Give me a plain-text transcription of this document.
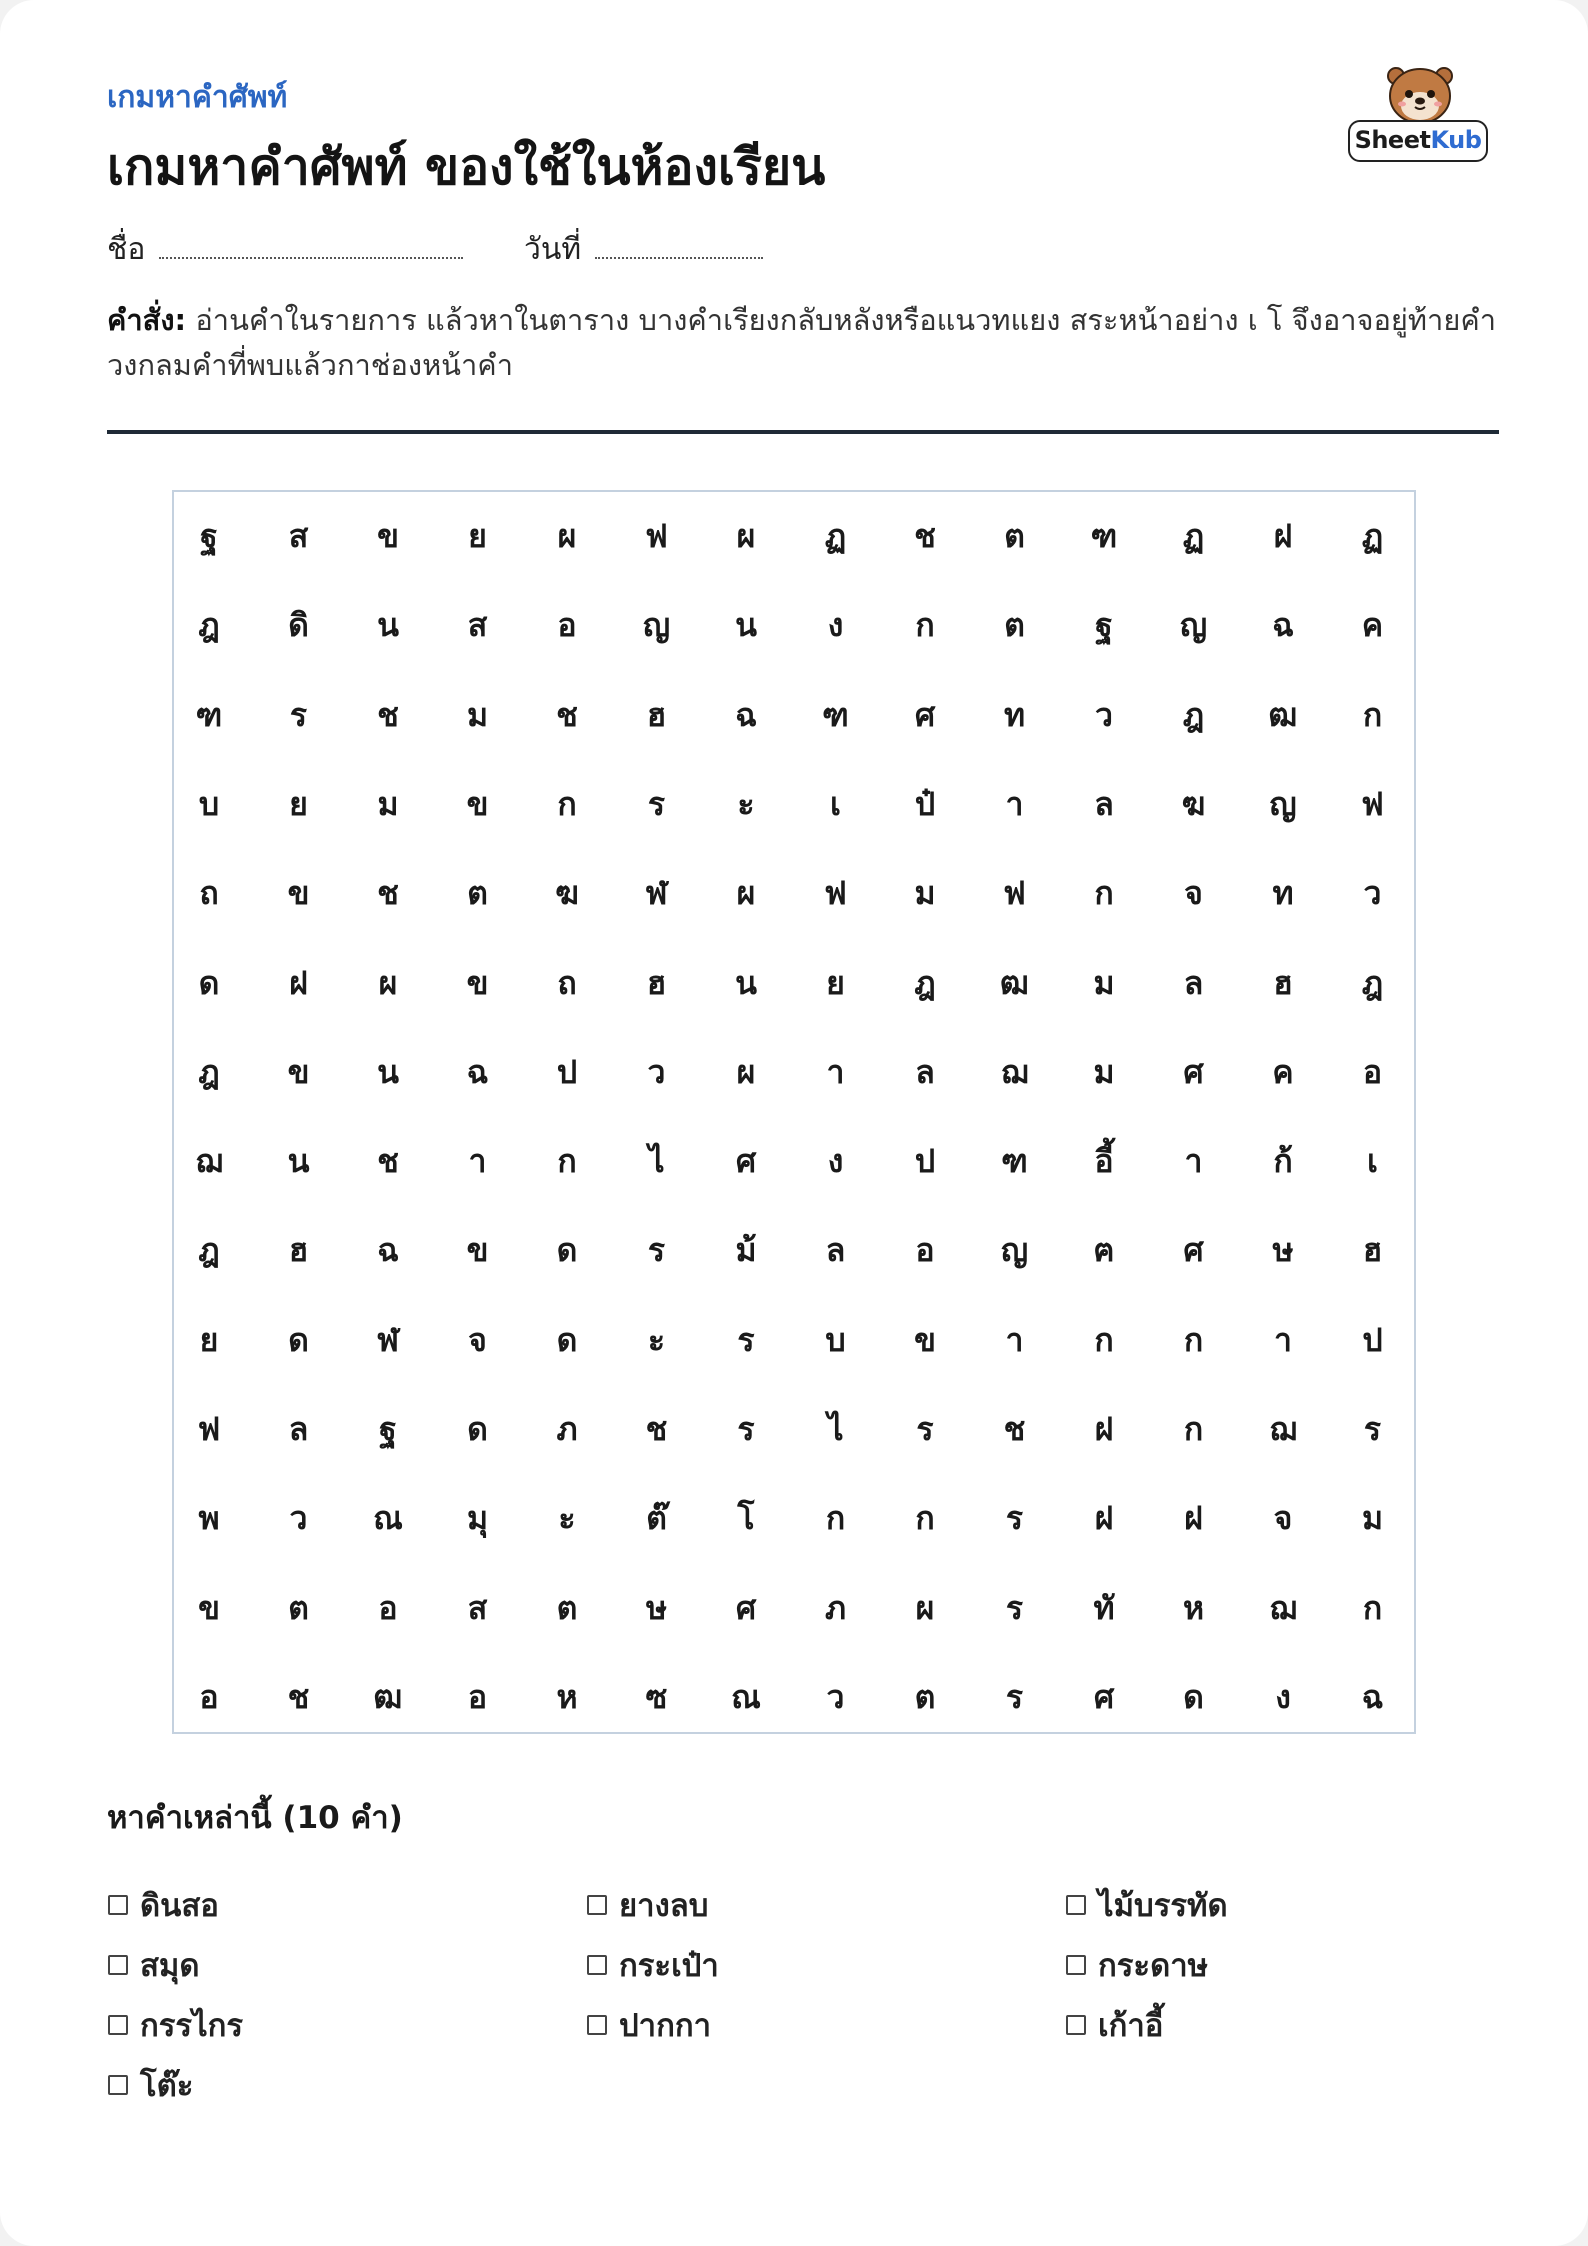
เกมหาคำศัพท์
เกมหาคำศัพท์ ของใช้ในห้องเรียน	SheetKub
ชื่อ	วันที่
คำสั่ง: อ่านคำในรายการ แล้วหาในตาราง บางคำเรียงกลับหลังหรือแนวทแยง สระหน้าอย่าง เ โ จึงอาจอยู่ท้ายคำ วงกลมคำที่พบแล้วกาช่องหน้าคำ
ฐ	ส	ข	ย	ผ	ฟ	ผ	ฏ	ช	ต	ฑ	ฏ	ฝ	ฏ
ฎ	ดิ	น	ส	อ	ญ	น	ง	ก	ต	ฐ	ญ	ฉ	ค
ฑ	ร	ช	ม	ช	ฮ	ฉ	ฑ	ศ	ท	ว	ฎ	ฒ	ก
บ	ย	ม	ข	ก	ร	ะ	เ	ป๋	า	ล	ฆ	ญ	ฟ
ถ	ข	ช	ต	ฆ	ฬ	ผ	ฟ	ม	ฟ	ก	จ	ท	ว
ด	ฝ	ผ	ข	ถ	ฮ	น	ย	ฎ	ฒ	ม	ล	ฮ	ฎ
ฎ	ข	น	ฉ	ป	ว	ผ	า	ล	ฌ	ม	ศ	ค	อ
ฌ	น	ช	า	ก	ไ	ศ	ง	ป	ฑ	อี้	า	ก้	เ
ฎ	ฮ	ฉ	ข	ด	ร	ม้	ล	อ	ญ	ฅ	ศ	ษ	ฮ
ย	ด	ฬ	จ	ด	ะ	ร	บ	ข	า	ก	ก	า	ป
ฟ	ล	ฐ	ด	ภ	ช	ร	ไ	ร	ช	ฝ	ก	ฌ	ร
พ	ว	ณ	มุ	ะ	ต๊	โ	ก	ก	ร	ฝ	ฝ	จ	ม
ข	ต	อ	ส	ต	ษ	ศ	ภ	ผ	ร	ทั	ห	ฌ	ก
อ	ช	ฒ	อ	ห	ซ	ณ	ว	ต	ร	ศ	ด	ง	ฉ
หาคำเหล่านี้ (10 คำ)
ดินสอ	ยางลบ	ไม้บรรทัด
สมุด	กระเป๋า	กระดาษ
กรรไกร	ปากกา	เก้าอี้
โต๊ะ
